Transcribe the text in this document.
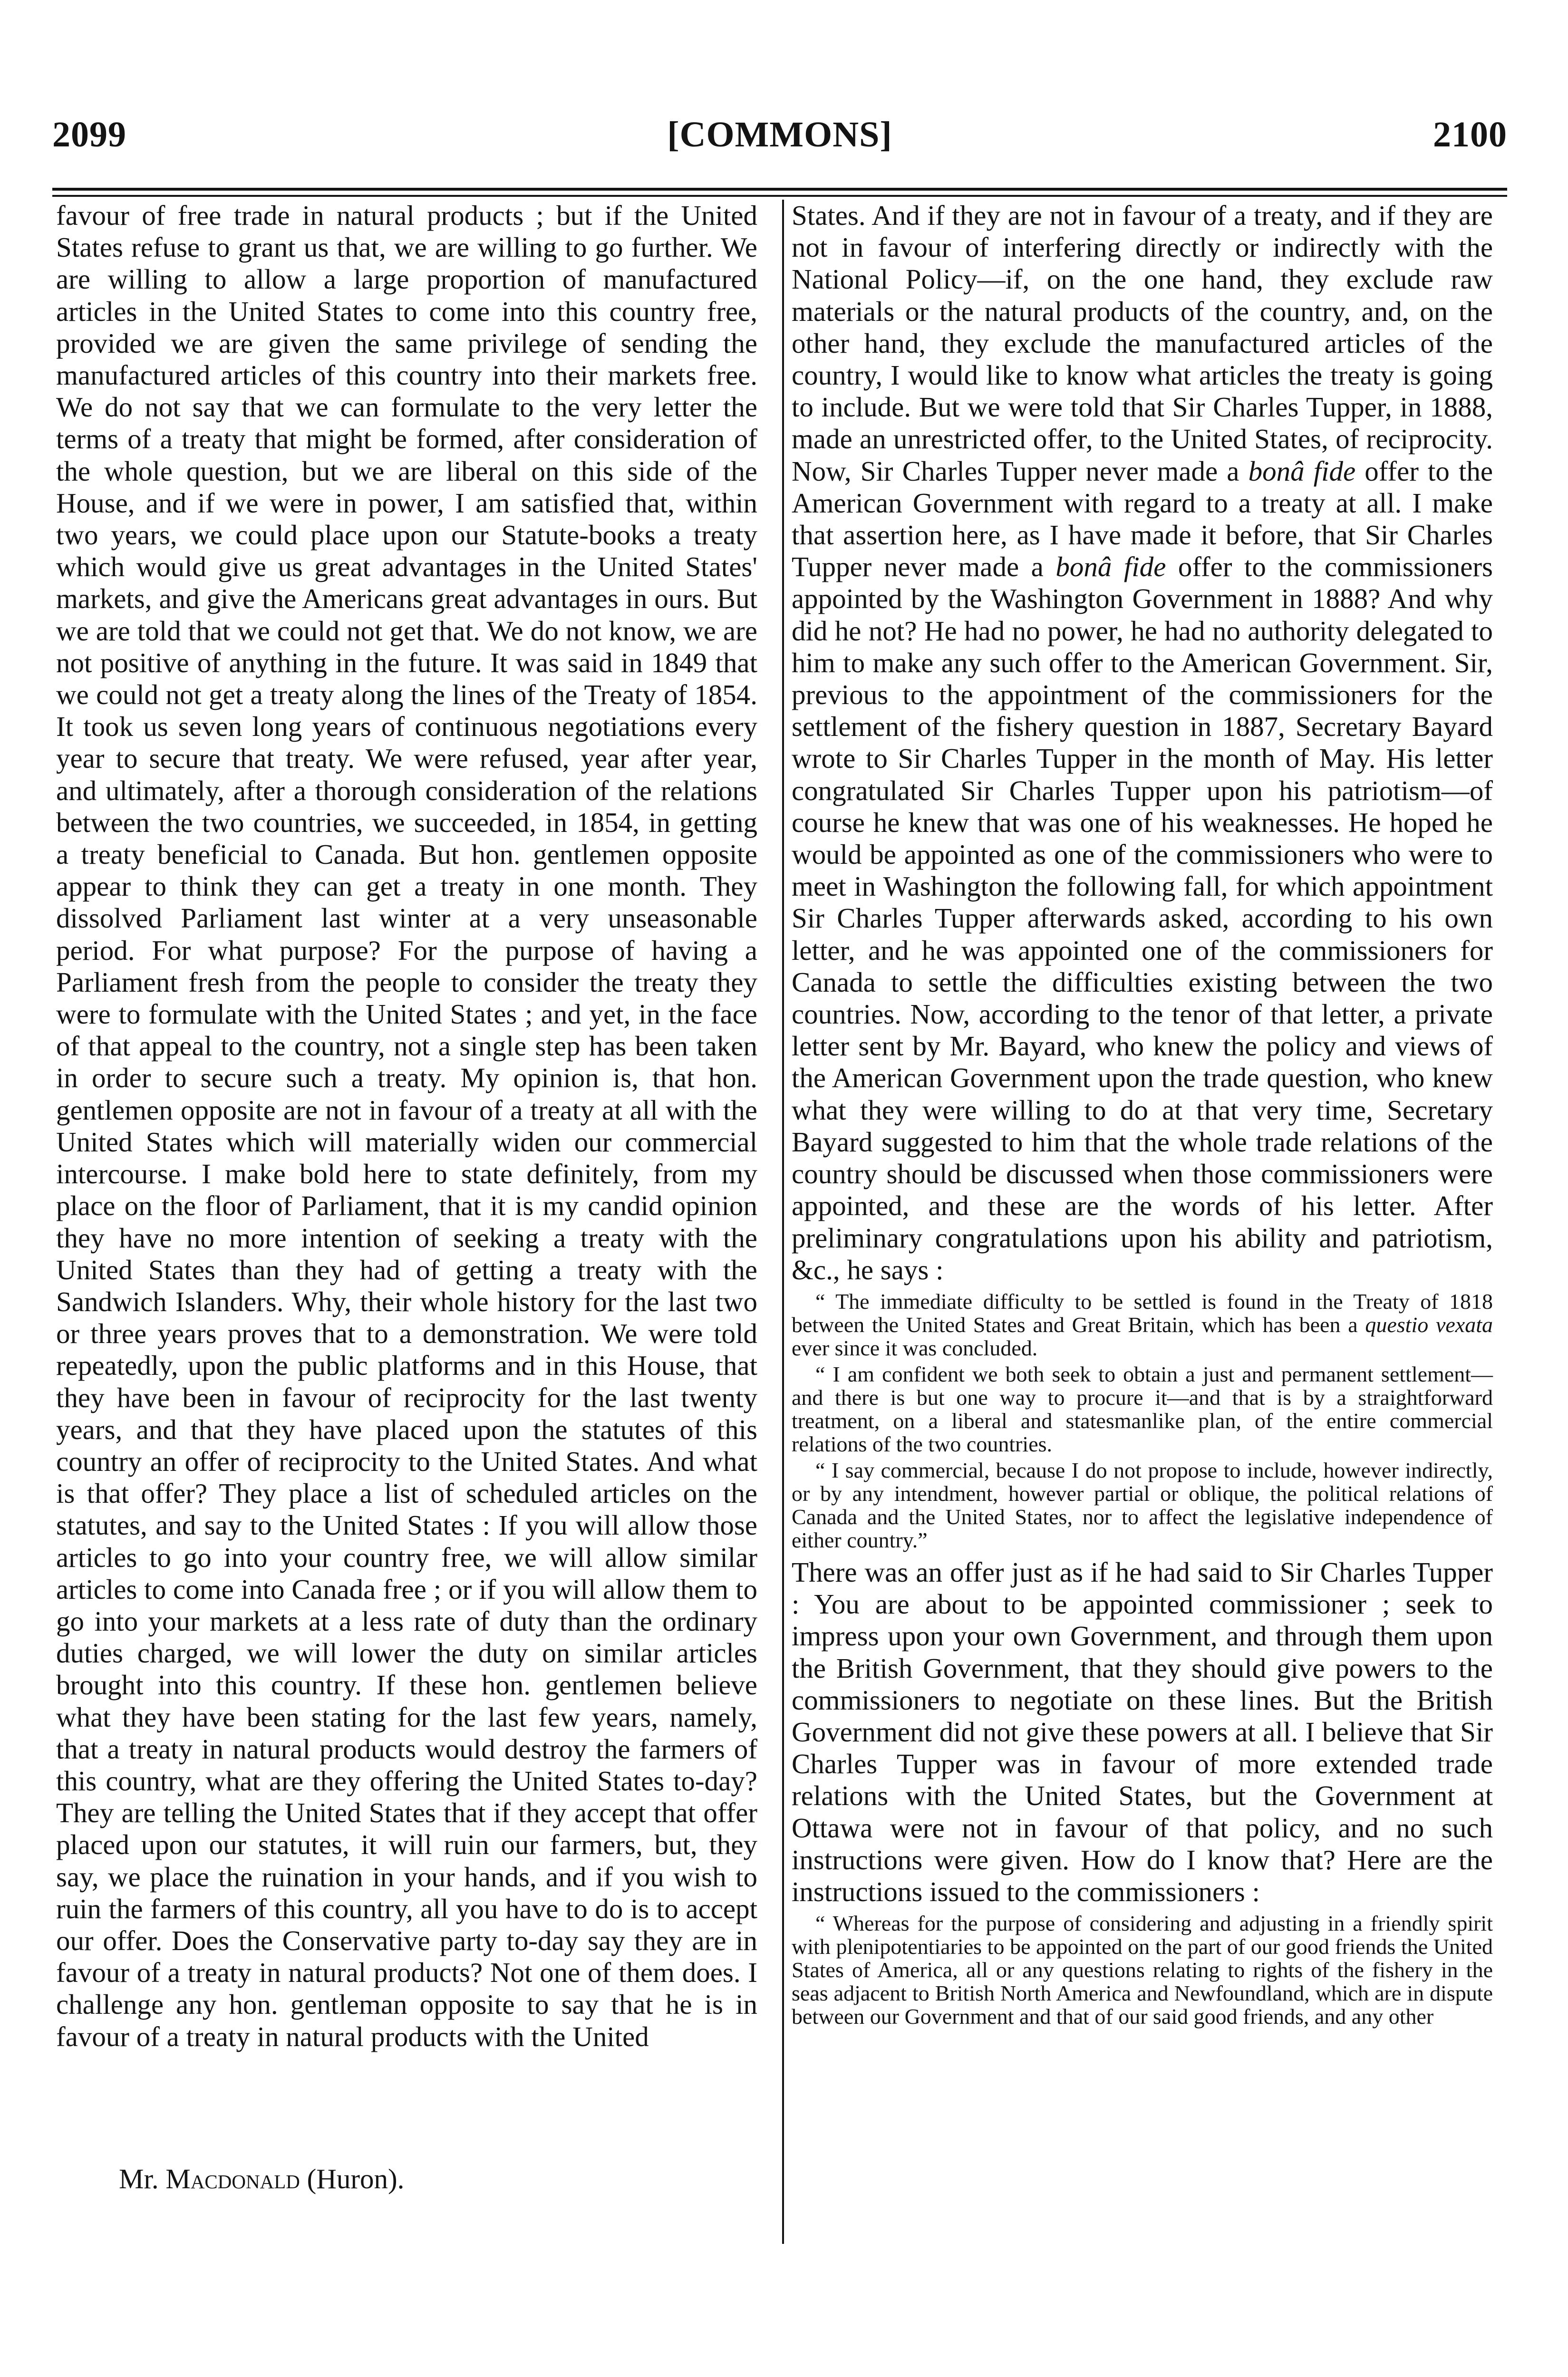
2099	[COMMONS]	2100

favour of free trade in natural products ; but if the United States refuse to grant us that, we are willing to go further. We are willing to allow a large proportion of manufactured articles in the United States to come into this country free, provided we are given the same privilege of sending the manufactured articles of this country into their markets free. We do not say that we can formulate to the very letter the terms of a treaty that might be formed, after consideration of the whole question, but we are liberal on this side of the House, and if we were in power, I am satisfied that, within two years, we could place upon our Statute-books a treaty which would give us great advantages in the United States' markets, and give the Americans great advantages in ours. But we are told that we could not get that. We do not know, we are not positive of anything in the future. It was said in 1849 that we could not get a treaty along the lines of the Treaty of 1854. It took us seven long years of continuous negotiations every year to secure that treaty. We were refused, year after year, and ultimately, after a thorough consideration of the relations between the two countries, we succeeded, in 1854, in getting a treaty beneficial to Canada. But hon. gentlemen opposite appear to think they can get a treaty in one month. They dissolved Parliament last winter at a very unseasonable period. For what purpose? For the purpose of having a Parliament fresh from the people to consider the treaty they were to formulate with the United States ; and yet, in the face of that appeal to the country, not a single step has been taken in order to secure such a treaty. My opinion is, that hon. gentlemen opposite are not in favour of a treaty at all with the United States which will materially widen our commercial intercourse. I make bold here to state definitely, from my place on the floor of Parliament, that it is my candid opinion they have no more intention of seeking a treaty with the United States than they had of getting a treaty with the Sandwich Islanders. Why, their whole history for the last two or three years proves that to a demonstration. We were told repeatedly, upon the public platforms and in this House, that they have been in favour of reciprocity for the last twenty years, and that they have placed upon the statutes of this country an offer of reciprocity to the United States. And what is that offer? They place a list of scheduled articles on the statutes, and say to the United States : If you will allow those articles to go into your country free, we will allow similar articles to come into Canada free ; or if you will allow them to go into your markets at a less rate of duty than the ordinary duties charged, we will lower the duty on similar articles brought into this country. If these hon. gentlemen believe what they have been stating for the last few years, namely, that a treaty in natural products would destroy the farmers of this country, what are they offering the United States to-day? They are telling the United States that if they accept that offer placed upon our statutes, it will ruin our farmers, but, they say, we place the ruination in your hands, and if you wish to ruin the farmers of this country, all you have to do is to accept our offer. Does the Conservative party to-day say they are in favour of a treaty in natural products? Not one of them does. I challenge any hon. gentleman opposite to say that he is in favour of a treaty in natural products with the United

Mr. Macdonald (Huron).

States. And if they are not in favour of a treaty, and if they are not in favour of interfering directly or indirectly with the National Policy—if, on the one hand, they exclude raw materials or the natural products of the country, and, on the other hand, they exclude the manufactured articles of the country, I would like to know what articles the treaty is going to include. But we were told that Sir Charles Tupper, in 1888, made an unrestricted offer, to the United States, of reciprocity. Now, Sir Charles Tupper never made a bonâ fide offer to the American Government with regard to a treaty at all. I make that assertion here, as I have made it before, that Sir Charles Tupper never made a bonâ fide offer to the commissioners appointed by the Washington Government in 1888? And why did he not? He had no power, he had no authority delegated to him to make any such offer to the American Government. Sir, previous to the appointment of the commissioners for the settlement of the fishery question in 1887, Secretary Bayard wrote to Sir Charles Tupper in the month of May. His letter congratulated Sir Charles Tupper upon his patriotism—of course he knew that was one of his weaknesses. He hoped he would be appointed as one of the commissioners who were to meet in Washington the following fall, for which appointment Sir Charles Tupper afterwards asked, according to his own letter, and he was appointed one of the commissioners for Canada to settle the difficulties existing between the two countries. Now, according to the tenor of that letter, a private letter sent by Mr. Bayard, who knew the policy and views of the American Government upon the trade question, who knew what they were willing to do at that very time, Secretary Bayard suggested to him that the whole trade relations of the country should be discussed when those commissioners were appointed, and these are the words of his letter. After preliminary congratulations upon his ability and patriotism, &c., he says :

“ The immediate difficulty to be settled is found in the Treaty of 1818 between the United States and Great Britain, which has been a questio vexata ever since it was concluded.

“ I am confident we both seek to obtain a just and permanent settlement—and there is but one way to procure it—and that is by a straightforward treatment, on a liberal and statesmanlike plan, of the entire commercial relations of the two countries.

“ I say commercial, because I do not propose to include, however indirectly, or by any intendment, however partial or oblique, the political relations of Canada and the United States, nor to affect the legislative independence of either country.”

There was an offer just as if he had said to Sir Charles Tupper : You are about to be appointed commissioner ; seek to impress upon your own Government, and through them upon the British Government, that they should give powers to the commissioners to negotiate on these lines. But the British Government did not give these powers at all. I believe that Sir Charles Tupper was in favour of more extended trade relations with the United States, but the Government at Ottawa were not in favour of that policy, and no such instructions were given. How do I know that? Here are the instructions issued to the commissioners :

“ Whereas for the purpose of considering and adjusting in a friendly spirit with plenipotentiaries to be appointed on the part of our good friends the United States of America, all or any questions relating to rights of the fishery in the seas adjacent to British North America and Newfoundland, which are in dispute between our Government and that of our said good friends, and any other
